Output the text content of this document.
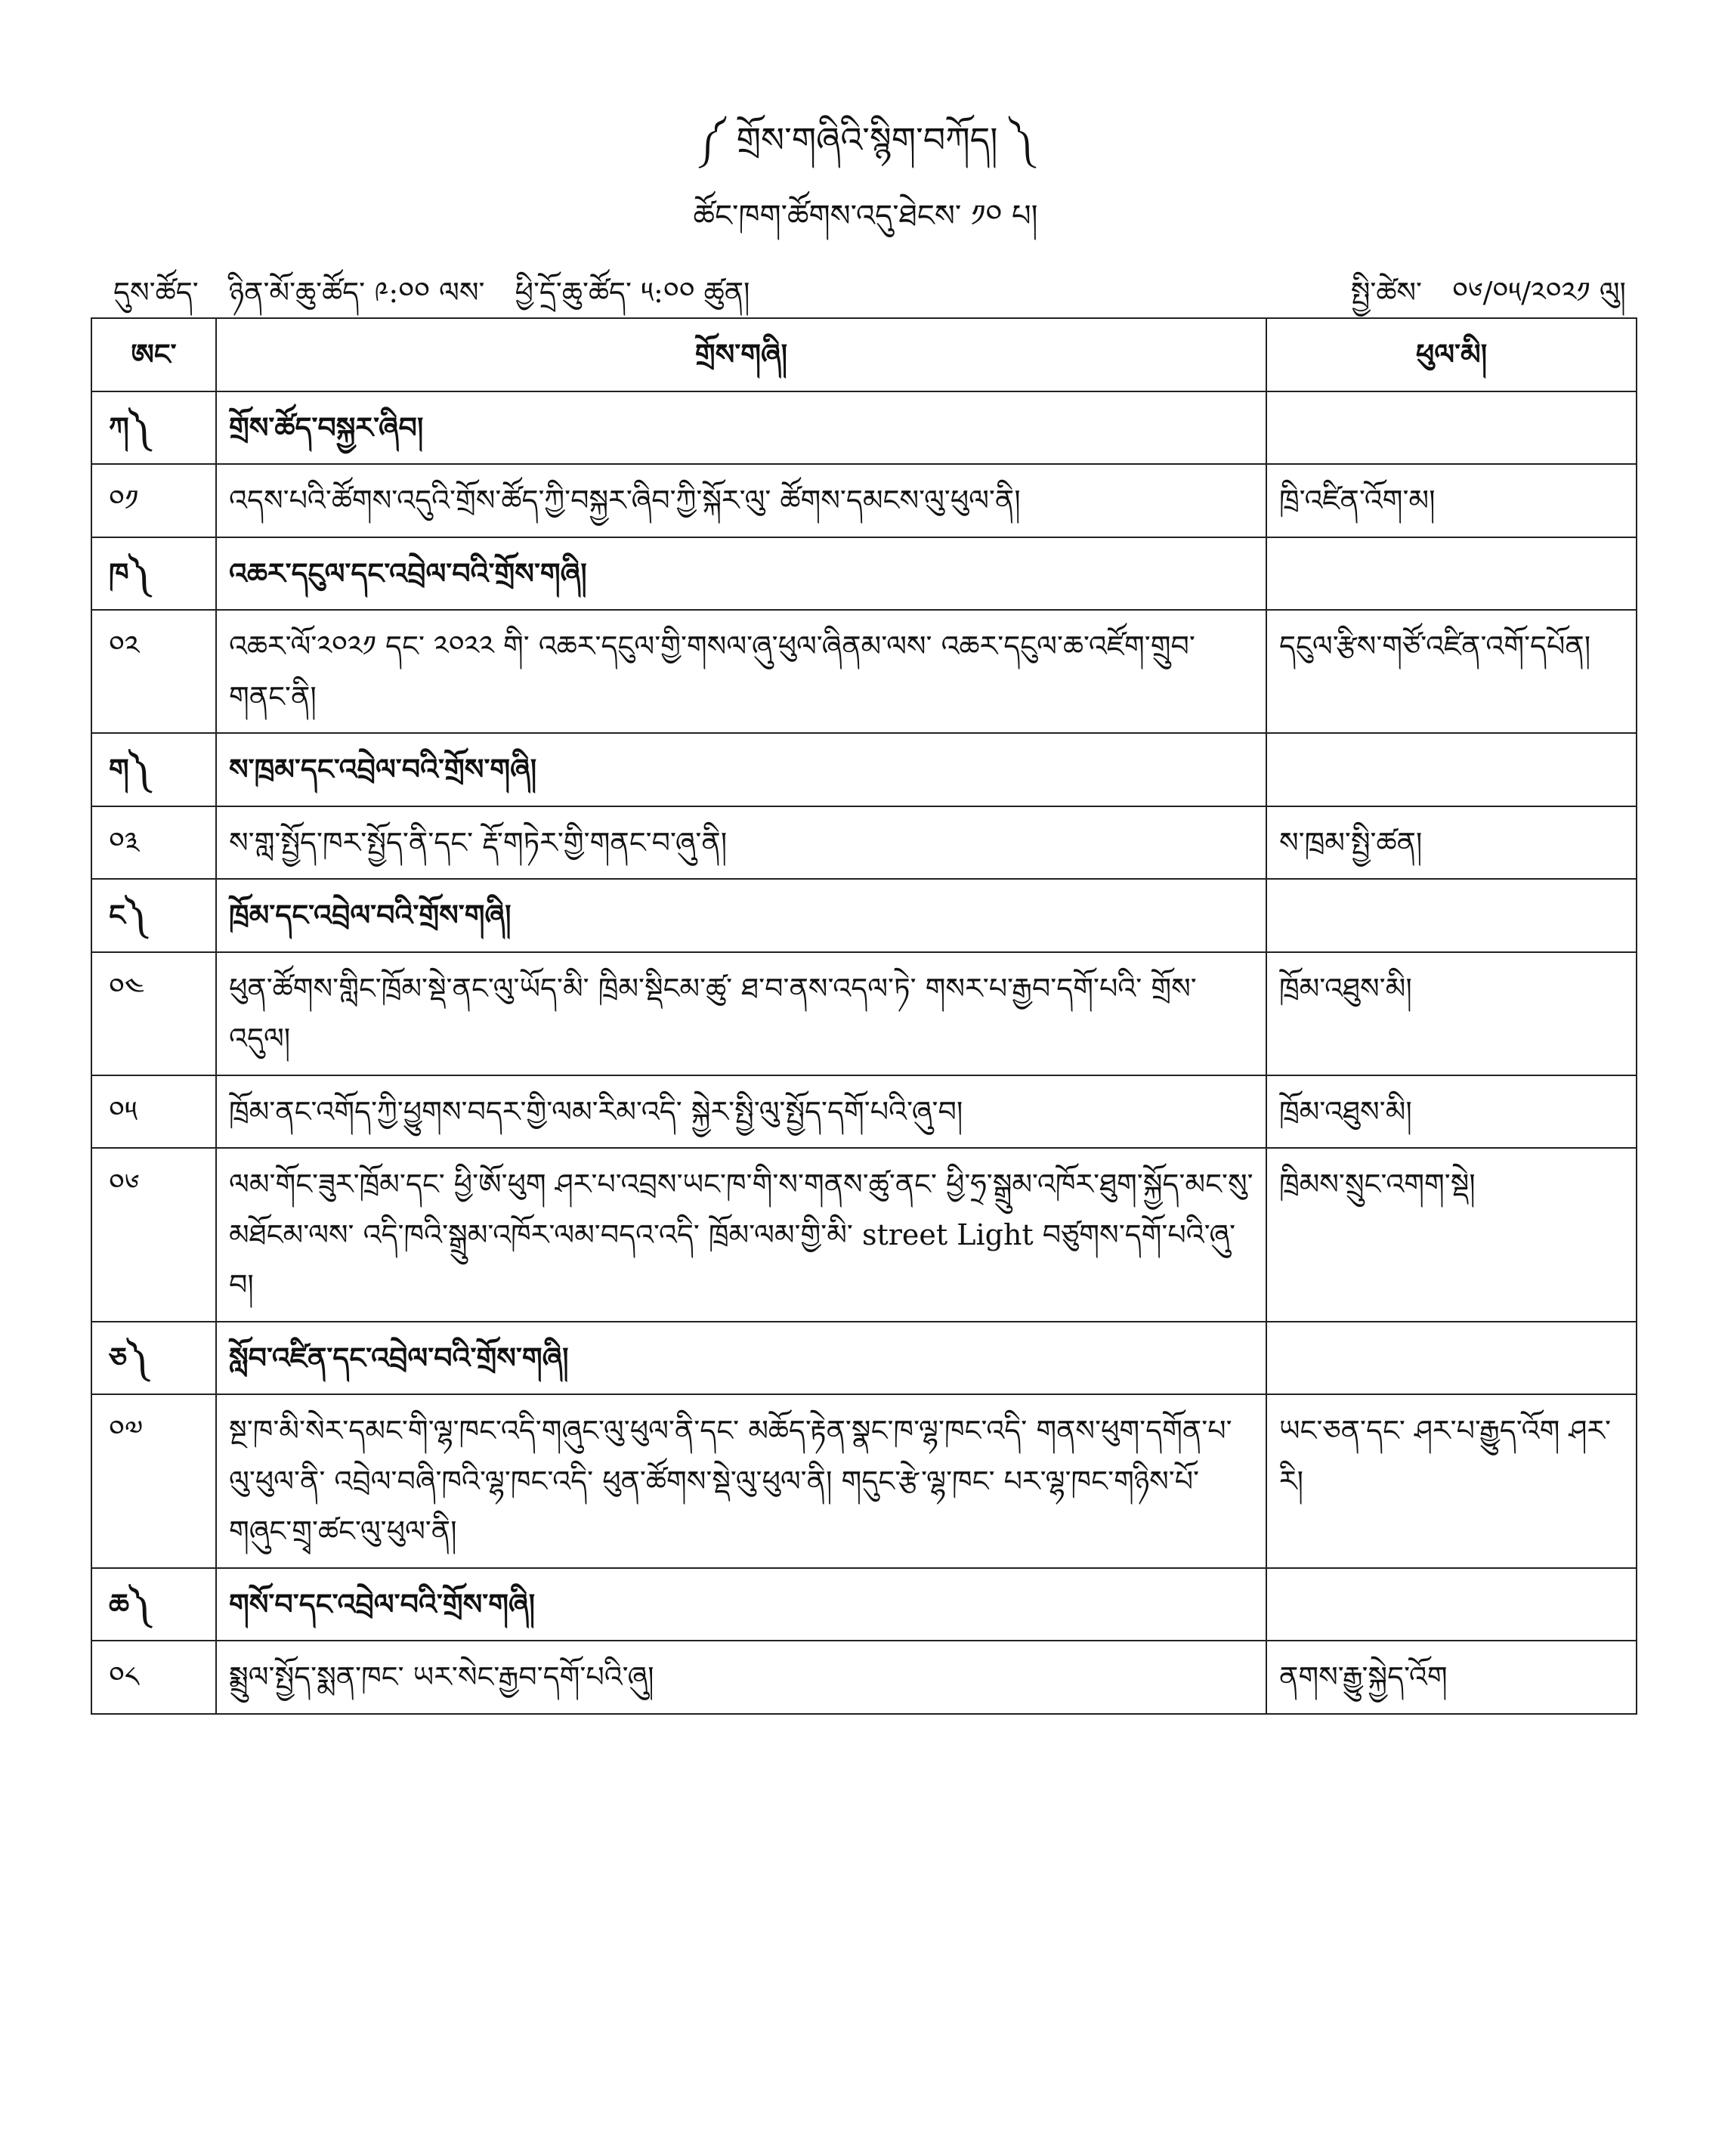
༼ གྲོས་གཞིའི་སྙིག་བཀོད། ༽
ཚོང་ཁག་ཚོགས་འདུ་ཐེངས་ ༡༠ པ།
དུས་ཚོད་ ཉིན་མོ་ཆུ་ཚོད་ ༩:༠༠ ལས་ ཕྱི་དྲོ་ཆུ་ཚོད་ ༥:༠༠ ཚུན།	སྤྱི་ཚེས་ ༠༦/༠༥/༢༠༢༡ ལུ།
ཨང་	གྲོས་གཞི།	ཕུལ་མི།
ཀ༽	གྲོས་ཚོད་བསྐྱར་ཞིབ།	
༠༡	འདས་པའི་ཚོགས་འདུའི་གྲོས་ཚོད་ཀྱི་བསྐྱར་ཞིབ་ཀྱི་སྐོར་ལུ་ ཚོགས་དམངས་ལུ་ཕུལ་ནི།	ཁྲི་འཛིན་འོག་མ།
ཁ༽	འཆར་དངུལ་དང་འབྲེལ་བའི་གྲོས་གཞི།	
༠༢	འཆར་ལོ་༢༠༢༡ དང་ ༢༠༢༢ གི་ འཆར་དངུལ་གྱི་གསལ་ཞུ་ཕུལ་ཞིནམ་ལས་ འཆར་དངུལ་ཆ་འཛོག་གྲུབ་གནང་ནི།	དངུལ་རྩིས་གཙོ་འཛིན་འགོ་དཔོན།
ག༽	ས་ཁྲམ་དང་འབྲེལ་བའི་གྲོས་གཞི།	
༠༣	ས་གླ་སྤྱོད་ཁར་སྤྱོད་ནི་དང་ རྡོ་གཏེར་གྱི་གནང་བ་ཞུ་ནི།	ས་ཁྲམ་སྤྱི་ཚན།
ང༽	ཁྲོམ་དང་འབྲེལ་བའི་གྲོས་གཞི།	
༠༤	ཕུན་ཚོགས་གླིང་ཁྲོམ་སྡེ་ནང་ལུ་ཡོད་མི་ ཁྲིམ་སྡིངམ་ཚུ་ ཐ་བ་ནས་འདལ་ཏེ་ གསར་པ་རྒྱབ་དགོ་པའི་ གྲོས་འདུལ།	ཁྲོམ་འཐུས་མི།
༠༥	ཁྲོམ་ནང་འགོད་ཀྱི་ཕྱུགས་བདར་གྱི་ལམ་རིམ་འདི་ སྐྱེར་སྤྱི་ལུ་སྤྱོད་དགོ་པའི་ཞུ་བ།	ཁྲོམ་འཐུས་མི།
༠༦	ལམ་གོང་ཟུར་ཁྲོམ་དང་ ཕྱི་ཨོ་ཕུག ཤར་པ་འབྲས་ཡང་ཁ་གི་ས་གནས་ཚུ་ནང་ ཕྱི་ཧྲ་སྒྲུམ་འཁོར་ཐུག་སྐྱོད་མང་སུ་མཐོངམ་ལས་ འདི་ཁའི་སྒྲུམ་འཁོར་ལམ་བདའ་འདི་ ཁྲོམ་ལམ་གྱི་མི་ street Light བཙུགས་དགོ་པའི་ཞུ་བ།	ཁྲིམས་སྲུང་འགག་སྡེ།
ཅ༽	སློབ་འཛིན་དང་འབྲེལ་བའི་གྲོས་གཞི།	
༠༧	སྔ་ཁ་མི་སེར་དམང་གི་ལྷ་ཁང་འདི་གཞུང་ལུ་ཕུལ་ནི་དང་ མཆོད་རྟེན་སྣང་ཁ་ལྷ་ཁང་འདི་ གནས་ཕུག་དགོན་པ་ལུ་ཕུལ་ནི་ འབྲེལ་བཞི་ཁའི་ལྷ་ཁང་འདི་ ཕུན་ཚོགས་སྡེ་ལུ་ཕུལ་ནི། གདུང་རྩེ་ལྷ་ཁང་ པར་ལྷ་ཁང་གཉིས་པོ་ གཞུང་གྲྭ་ཚང་ལུ་ཕུལ་ནི།	ཡང་ཅན་དང་ ཤར་པ་རྒྱུད་འོག ཤར་རི།
ཆ༽	གསོ་བ་དང་འབྲེལ་བའི་གྲོས་གཞི།	
༠༨	སྨྲུལ་སྤྱོད་སྨན་ཁང་ ཡར་སེང་རྒྱབ་དགོ་པའི་ཞུ།	ནགས་རྒྱུ་སྐྱེད་འོག
